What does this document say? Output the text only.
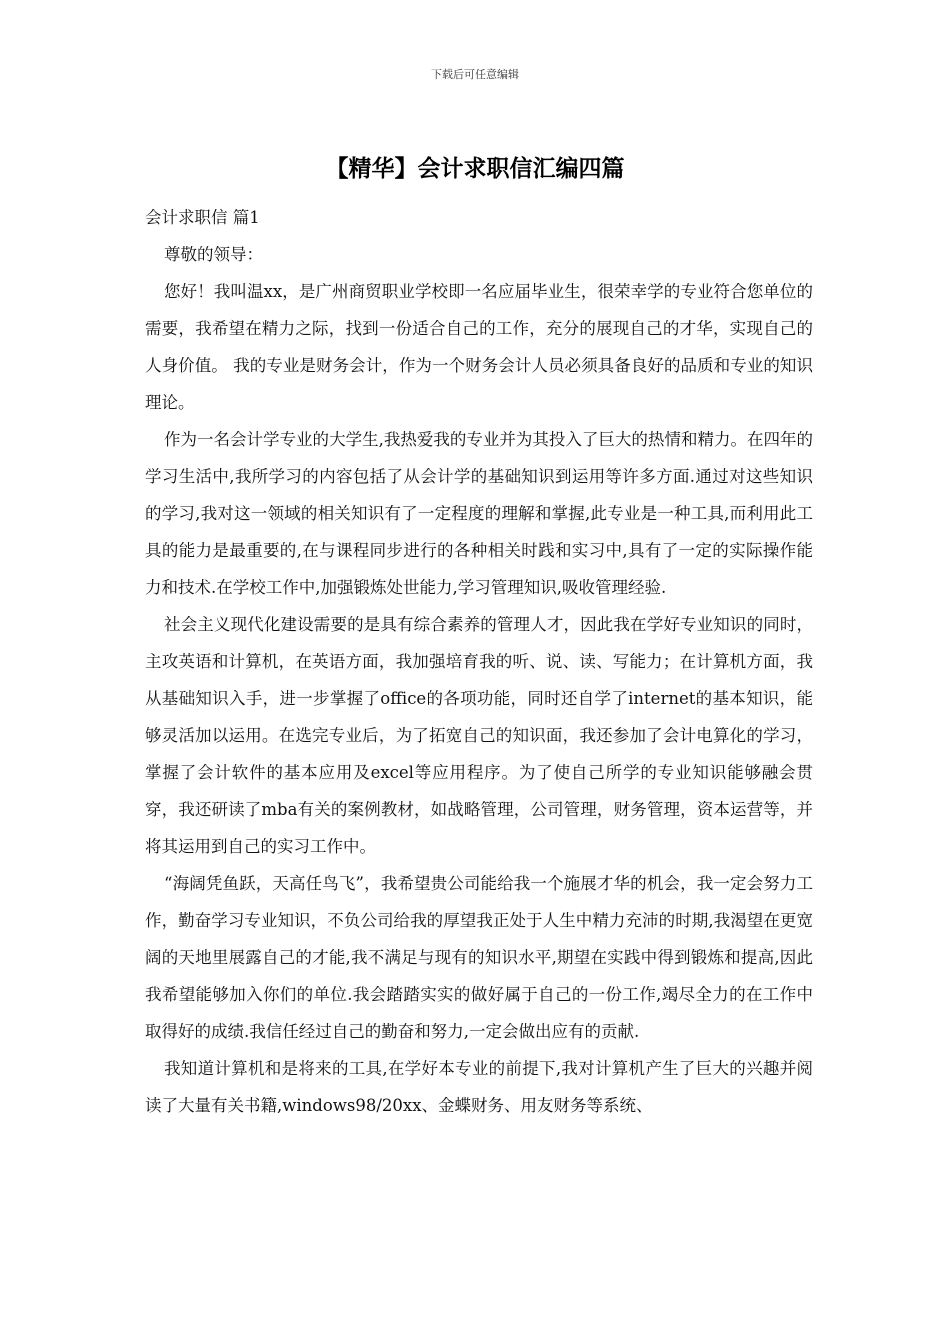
下载后可任意编辑
【精华】会计求职信汇编四篇

会计求职信 篇1

尊敬的领导：

您好！我叫温xx，是广州商贸职业学校即一名应届毕业生，很荣幸学的专业符合您单位的需要，我希望在精力之际，找到一份适合自己的工作，充分的展现自己的才华，实现自己的人身价值。 我的专业是财务会计，作为一个财务会计人员必须具备良好的品质和专业的知识理论。

作为一名会计学专业的大学生,我热爱我的专业并为其投入了巨大的热情和精力。在四年的学习生活中,我所学习的内容包括了从会计学的基础知识到运用等许多方面.通过对这些知识的学习,我对这一领域的相关知识有了一定程度的理解和掌握,此专业是一种工具,而利用此工具的能力是最重要的,在与课程同步进行的各种相关时践和实习中,具有了一定的实际操作能力和技术.在学校工作中,加强锻炼处世能力,学习管理知识,吸收管理经验.

社会主义现代化建设需要的是具有综合素养的管理人才，因此我在学好专业知识的同时，主攻英语和计算机，在英语方面，我加强培育我的听、说、读、写能力；在计算机方面，我从基础知识入手，进一步掌握了office的各项功能，同时还自学了internet的基本知识，能够灵活加以运用。在选完专业后，为了拓宽自己的知识面，我还参加了会计电算化的学习，掌握了会计软件的基本应用及excel等应用程序。为了使自己所学的专业知识能够融会贯穿，我还研读了mba有关的案例教材，如战略管理，公司管理，财务管理，资本运营等，并将其运用到自己的实习工作中。

“海阔凭鱼跃，天高任鸟飞”，我希望贵公司能给我一个施展才华的机会，我一定会努力工作，勤奋学习专业知识，不负公司给我的厚望我正处于人生中精力充沛的时期,我渴望在更宽阔的天地里展露自己的才能,我不满足与现有的知识水平,期望在实践中得到锻炼和提高,因此我希望能够加入你们的单位.我会踏踏实实的做好属于自己的一份工作,竭尽全力的在工作中取得好的成绩.我信任经过自己的勤奋和努力,一定会做出应有的贡献.

我知道计算机和是将来的工具,在学好本专业的前提下,我对计算机产生了巨大的兴趣并阅读了大量有关书籍,windows98/20xx、金蝶财务、用友财务等系统、
